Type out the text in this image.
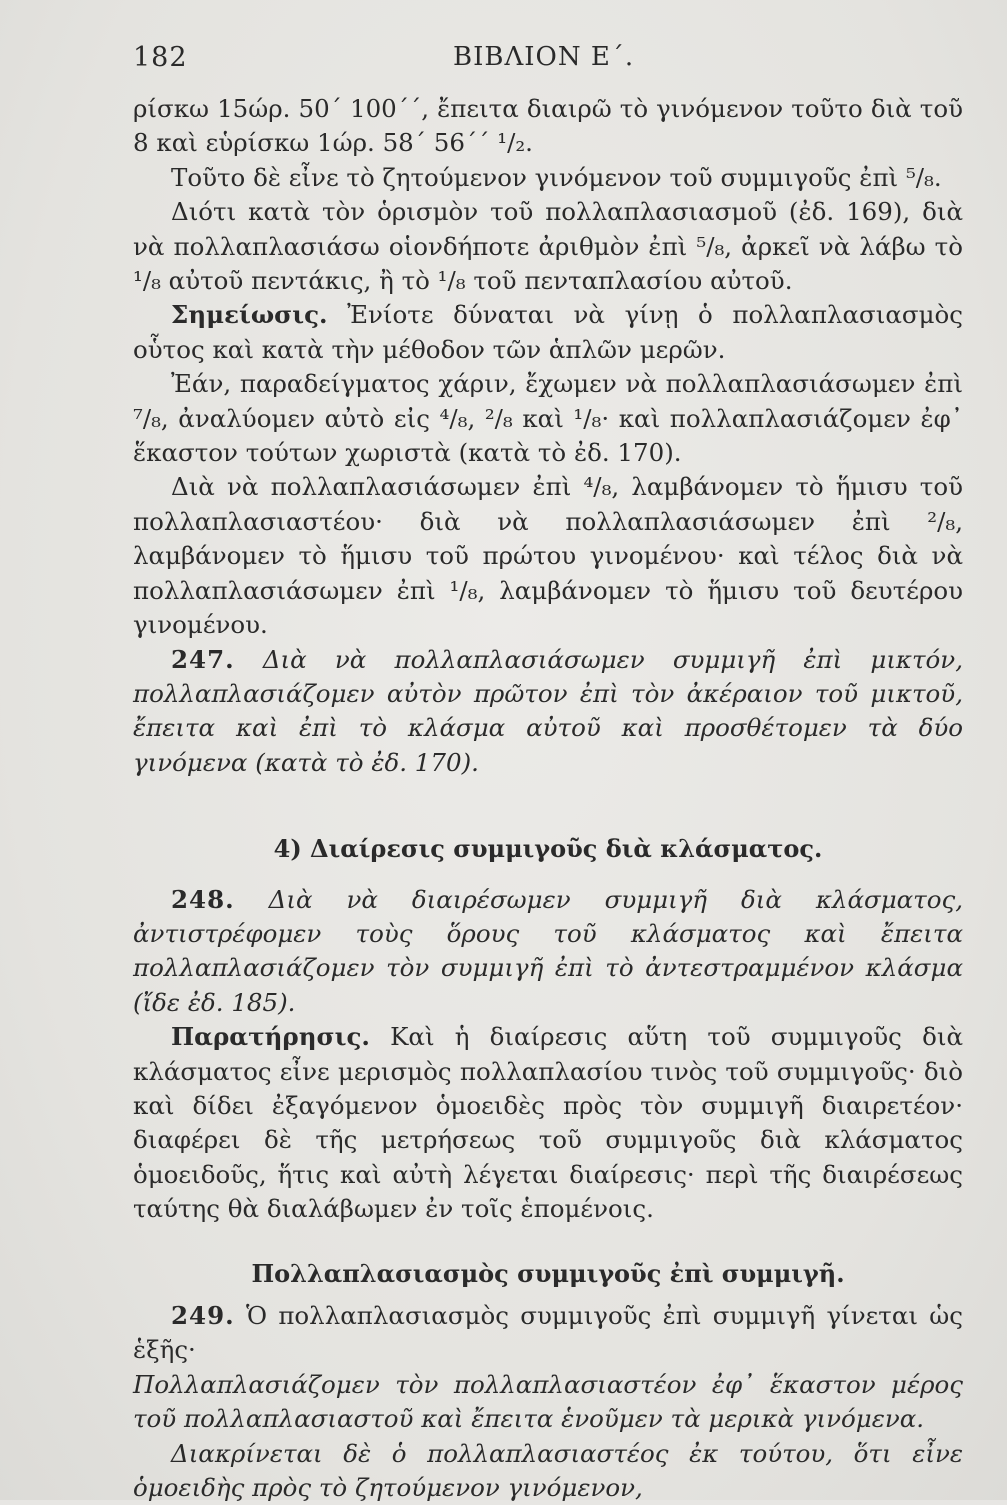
182	ΒΙΒΛΙΟΝ Ε΄.

ρίσκω 15ώρ. 50΄ 100΄΄, ἔπειτα διαιρῶ τὸ γινόμενον τοῦτο διὰ τοῦ 8 καὶ εὑρίσκω 1ώρ. 58΄ 56΄΄ ¹/₂.

Τοῦτο δὲ εἶνε τὸ ζητούμενον γινόμενον τοῦ συμμιγοῦς ἐπὶ ⁵/₈.

Διότι κατὰ τὸν ὁρισμὸν τοῦ πολλαπλασιασμοῦ (ἐδ. 169), διὰ νὰ πολλαπλασιάσω οἱονδήποτε ἀριθμὸν ἐπὶ ⁵/₈, ἀρκεῖ νὰ λάβω τὸ ¹/₈ αὐτοῦ πεντάκις, ἢ τὸ ¹/₈ τοῦ πενταπλασίου αὐτοῦ.

Σημείωσις. Ἐνίοτε δύναται νὰ γίνῃ ὁ πολλαπλασιασμὸς οὗτος καὶ κατὰ τὴν μέθοδον τῶν ἁπλῶν μερῶν.

Ἐάν, παραδείγματος χάριν, ἔχωμεν νὰ πολλαπλασιάσωμεν ἐπὶ ⁷/₈, ἀναλύομεν αὐτὸ εἰς ⁴/₈, ²/₈ καὶ ¹/₈· καὶ πολλαπλασιάζομεν ἐφ᾽ ἕκαστον τούτων χωριστὰ (κατὰ τὸ ἐδ. 170).

Διὰ νὰ πολλαπλασιάσωμεν ἐπὶ ⁴/₈, λαμβάνομεν τὸ ἥμισυ τοῦ πολλαπλασιαστέου· διὰ νὰ πολλαπλασιάσωμεν ἐπὶ ²/₈, λαμβάνομεν τὸ ἥμισυ τοῦ πρώτου γινομένου· καὶ τέλος διὰ νὰ πολλαπλασιάσωμεν ἐπὶ ¹/₈, λαμβάνομεν τὸ ἥμισυ τοῦ δευτέρου γινομένου.

247. Διὰ νὰ πολλαπλασιάσωμεν συμμιγῆ ἐπὶ μικτόν, πολλαπλασιάζομεν αὐτὸν πρῶτον ἐπὶ τὸν ἀκέραιον τοῦ μικτοῦ, ἔπειτα καὶ ἐπὶ τὸ κλάσμα αὐτοῦ καὶ προσθέτομεν τὰ δύο γινόμενα (κατὰ τὸ ἐδ. 170).

4) Διαίρεσις συμμιγοῦς διὰ κλάσματος.

248. Διὰ νὰ διαιρέσωμεν συμμιγῆ διὰ κλάσματος, ἀντιστρέφομεν τοὺς ὅρους τοῦ κλάσματος καὶ ἔπειτα πολλαπλασιάζομεν τὸν συμμιγῆ ἐπὶ τὸ ἀντεστραμμένον κλάσμα (ἴδε ἐδ. 185).

Παρατήρησις. Καὶ ἡ διαίρεσις αὕτη τοῦ συμμιγοῦς διὰ κλάσματος εἶνε μερισμὸς πολλαπλασίου τινὸς τοῦ συμμιγοῦς· διὸ καὶ δίδει ἐξαγόμενον ὁμοειδὲς πρὸς τὸν συμμιγῆ διαιρετέον· διαφέρει δὲ τῆς μετρήσεως τοῦ συμμιγοῦς διὰ κλάσματος ὁμοειδοῦς, ἥτις καὶ αὐτὴ λέγεται διαίρεσις· περὶ τῆς διαιρέσεως ταύτης θὰ διαλάβωμεν ἐν τοῖς ἑπομένοις.

Πολλαπλασιασμὸς συμμιγοῦς ἐπὶ συμμιγῆ.

249. Ὁ πολλαπλασιασμὸς συμμιγοῦς ἐπὶ συμμιγῆ γίνεται ὡς ἑξῆς·

Πολλαπλασιάζομεν τὸν πολλαπλασιαστέον ἐφ᾽ ἕκαστον μέρος τοῦ πολλαπλασιαστοῦ καὶ ἔπειτα ἑνοῦμεν τὰ μερικὰ γινόμενα.

Διακρίνεται δὲ ὁ πολλαπλασιαστέος ἐκ τούτου, ὅτι εἶνε ὁμοειδὴς πρὸς τὸ ζητούμενον γινόμενον,
